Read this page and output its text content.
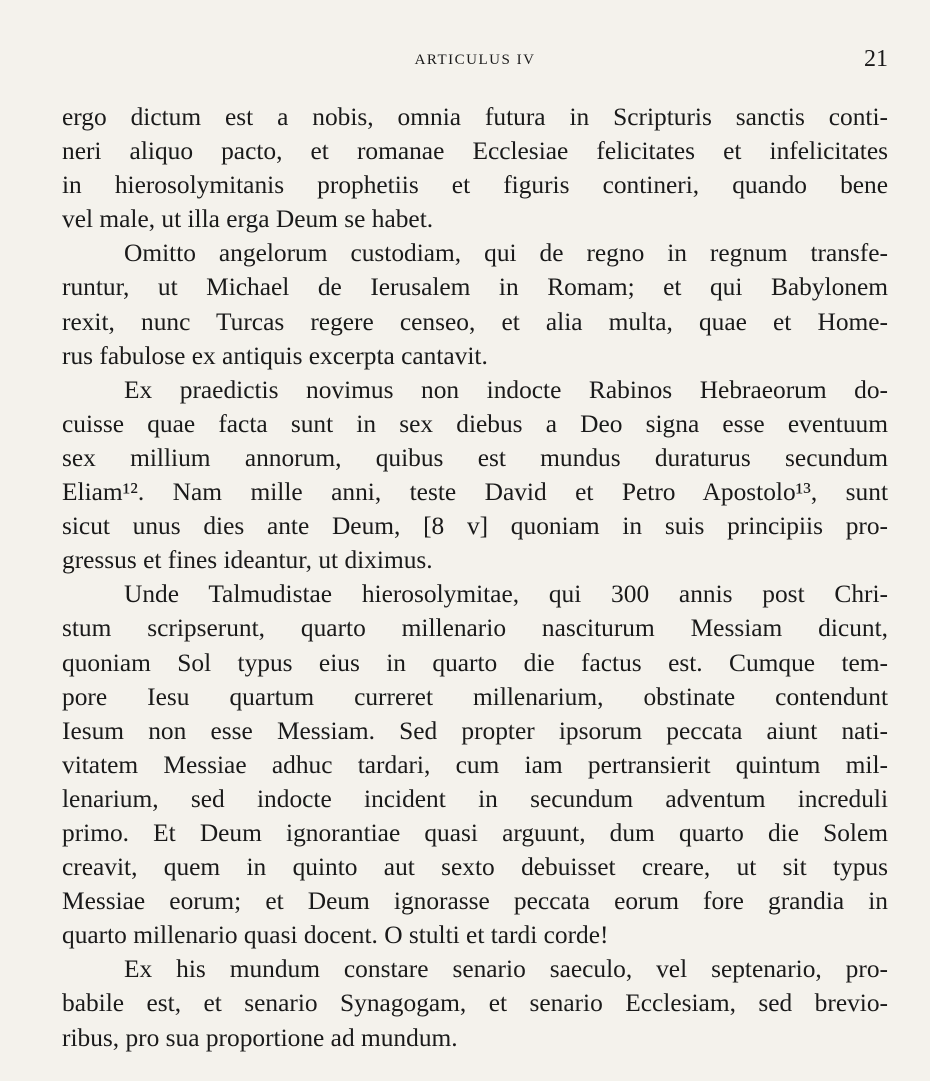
ARTICULUS IV	21
ergo dictum est a nobis, omnia futura in Scripturis sanctis conti-
neri aliquo pacto, et romanae Ecclesiae felicitates et infelicitates
in hierosolymitanis prophetiis et figuris contineri, quando bene
vel male, ut illa erga Deum se habet.
Omitto angelorum custodiam, qui de regno in regnum transfe-
runtur, ut Michael de Ierusalem in Romam; et qui Babylonem
rexit, nunc Turcas regere censeo, et alia multa, quae et Home-
rus fabulose ex antiquis excerpta cantavit.
Ex praedictis novimus non indocte Rabinos Hebraeorum do-
cuisse quae facta sunt in sex diebus a Deo signa esse eventuum
sex millium annorum, quibus est mundus duraturus secundum
Eliam¹². Nam mille anni, teste David et Petro Apostolo¹³, sunt
sicut unus dies ante Deum, [8 v] quoniam in suis principiis pro-
gressus et fines ideantur, ut diximus.
Unde Talmudistae hierosolymitae, qui 300 annis post Chri-
stum scripserunt, quarto millenario nasciturum Messiam dicunt,
quoniam Sol typus eius in quarto die factus est. Cumque tem-
pore Iesu quartum curreret millenarium, obstinate contendunt
Iesum non esse Messiam. Sed propter ipsorum peccata aiunt nati-
vitatem Messiae adhuc tardari, cum iam pertransierit quintum mil-
lenarium, sed indocte incident in secundum adventum increduli
primo. Et Deum ignorantiae quasi arguunt, dum quarto die Solem
creavit, quem in quinto aut sexto debuisset creare, ut sit typus
Messiae eorum; et Deum ignorasse peccata eorum fore grandia in
quarto millenario quasi docent. O stulti et tardi corde!
Ex his mundum constare senario saeculo, vel septenario, pro-
babile est, et senario Synagogam, et senario Ecclesiam, sed brevio-
ribus, pro sua proportione ad mundum.
